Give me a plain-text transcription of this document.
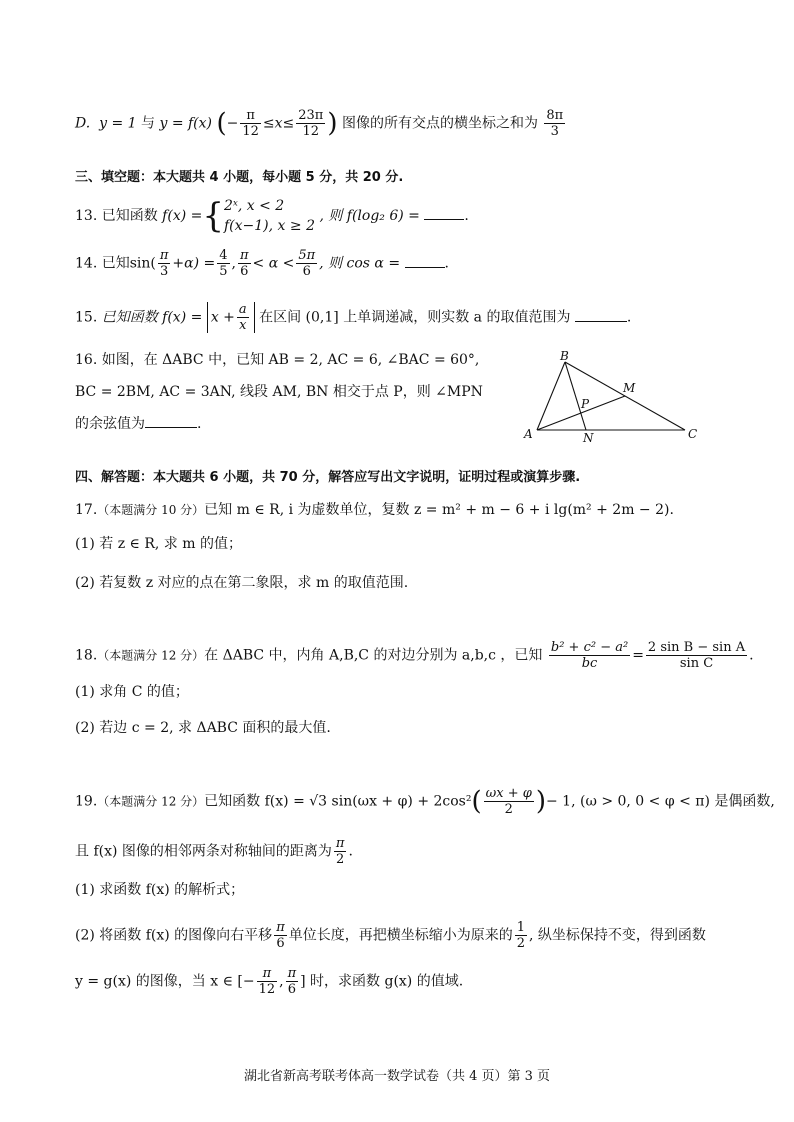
D. y = 1 与 y = f(x) (− $\frac{\pi}{12} \le x\le \frac{23\pi}{12}$ ) 图像的所有交点的横坐标之和为 $\frac{8\pi}{3}$
三、填空题：本大题共 4 小题，每小题 5 分，共 20 分.
13. 已知函数 f(x) ={ 2ˣ, x < 2
f(x−1), x ≥ 2
, 则 f(log₂ 6) =	.
14. 已知$\sin( \frac{\pi}{3} +\alpha) = \frac{4}{5}$ , $\frac{\pi}{6} < \alpha < \frac{5\pi}{6}$ , 则 cos α =	.
15. 已知函数 $f(x) = x + \frac{a}{x}$ 在区间 (0,1] 上单调递减，则实数 a 的取值范围为	.
16. 如图，在 ΔABC 中，已知 AB = 2, AC = 6, ∠BAC = 60°,
BC = 2BM, AC = 3AN, 线段 AM, BN 相交于点 P，则 ∠MPN
的余弦值为	.
B
A	C
M
N
P
四、解答题：本大题共 6 小题，共 70 分，解答应写出文字说明，证明过程或演算步骤.
17.（本题满分 10 分）已知 m ∈ R, i 为虚数单位，复数 z = m² + m − 6 + i lg(m² + 2m − 2).
(1) 若 z ∈ R, 求 m 的值；
(2) 若复数 z 对应的点在第二象限，求 m 的取值范围.
18.（本题满分 12 分）在 ΔABC 中，内角 A,B,C 的对边分别为 a,b,c ，已知 $\frac{\text{b² + c² − a²}}{bc} = \frac{\text{2 sin B − sin A}}{\text{sin C}}$ .
(1) 求角 C 的值；
(2) 若边 c = 2, 求 ΔABC 面积的最大值.
19.（本题满分 12 分）已知函数 f(x) = √3 $\sin(\omega x + \varphi) + 2\cos^2( \frac{\omega x + \varphi}{2}$ )− 1, (ω > 0, 0 < φ < π) 是偶函数,
且 f(x) 图像的相邻两条对称轴间的距离为 $\frac{\pi}{2}$ .
(1) 求函数 f(x) 的解析式；
(2) 将函数 f(x) 的图像向右平移 $\frac{\pi}{6}$ 单位长度，再把横坐标缩小为原来的 $\frac{1}{2}$ , 纵坐标保持不变，得到函数
y = g(x) 的图像，当 x ∈ [− $\frac{\pi}{12}$ , $\frac{\pi}{6}$ ] 时，求函数 g(x) 的值域.
湖北省新高考联考体高一数学试卷（共 4 页）第 3 页
